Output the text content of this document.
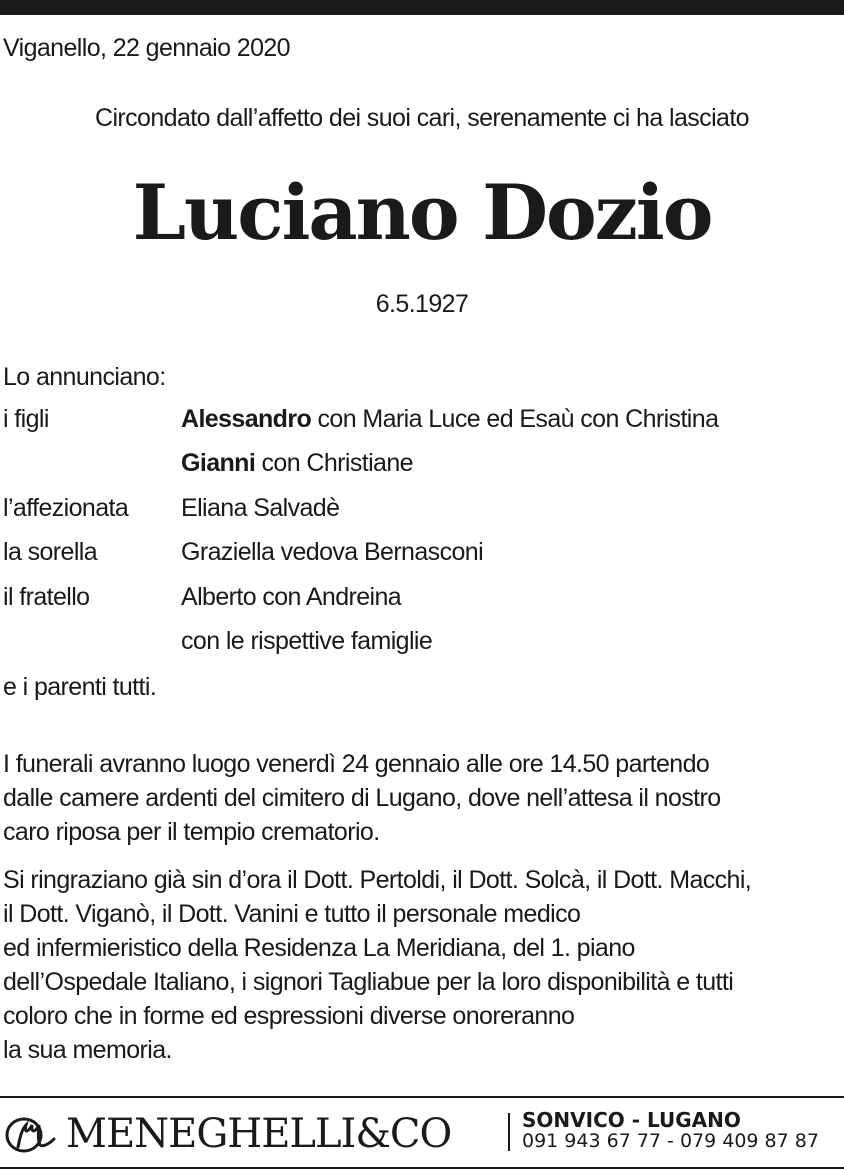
Viganello, 22 gennaio 2020
Circondato dall’affetto dei suoi cari, serenamente ci ha lasciato
Luciano Dozio
6.5.1927
Lo annunciano:
i figli	Alessandro con Maria Luce ed Esaù con Christina
Gianni con Christiane
l’affezionata	Eliana Salvadè
la sorella	Graziella vedova Bernasconi
il fratello	Alberto con Andreina
con le rispettive famiglie
e i parenti tutti.
I funerali avranno luogo venerdì 24 gennaio alle ore 14.50 partendo
dalle camere ardenti del cimitero di Lugano, dove nell’attesa il nostro
caro riposa per il tempio crematorio.
Si ringraziano già sin d’ora il Dott. Pertoldi, il Dott. Solcà, il Dott. Macchi,
il Dott. Viganò, il Dott. Vanini e tutto il personale medico
ed infermieristico della Residenza La Meridiana, del 1. piano
dell’Ospedale Italiano, i signori Tagliabue per la loro disponibilità e tutti
coloro che in forme ed espressioni diverse onoreranno
la sua memoria.
MENEGHELLI&CO	SONVICO - LUGANO
091 943 67 77 - 079 409 87 87
